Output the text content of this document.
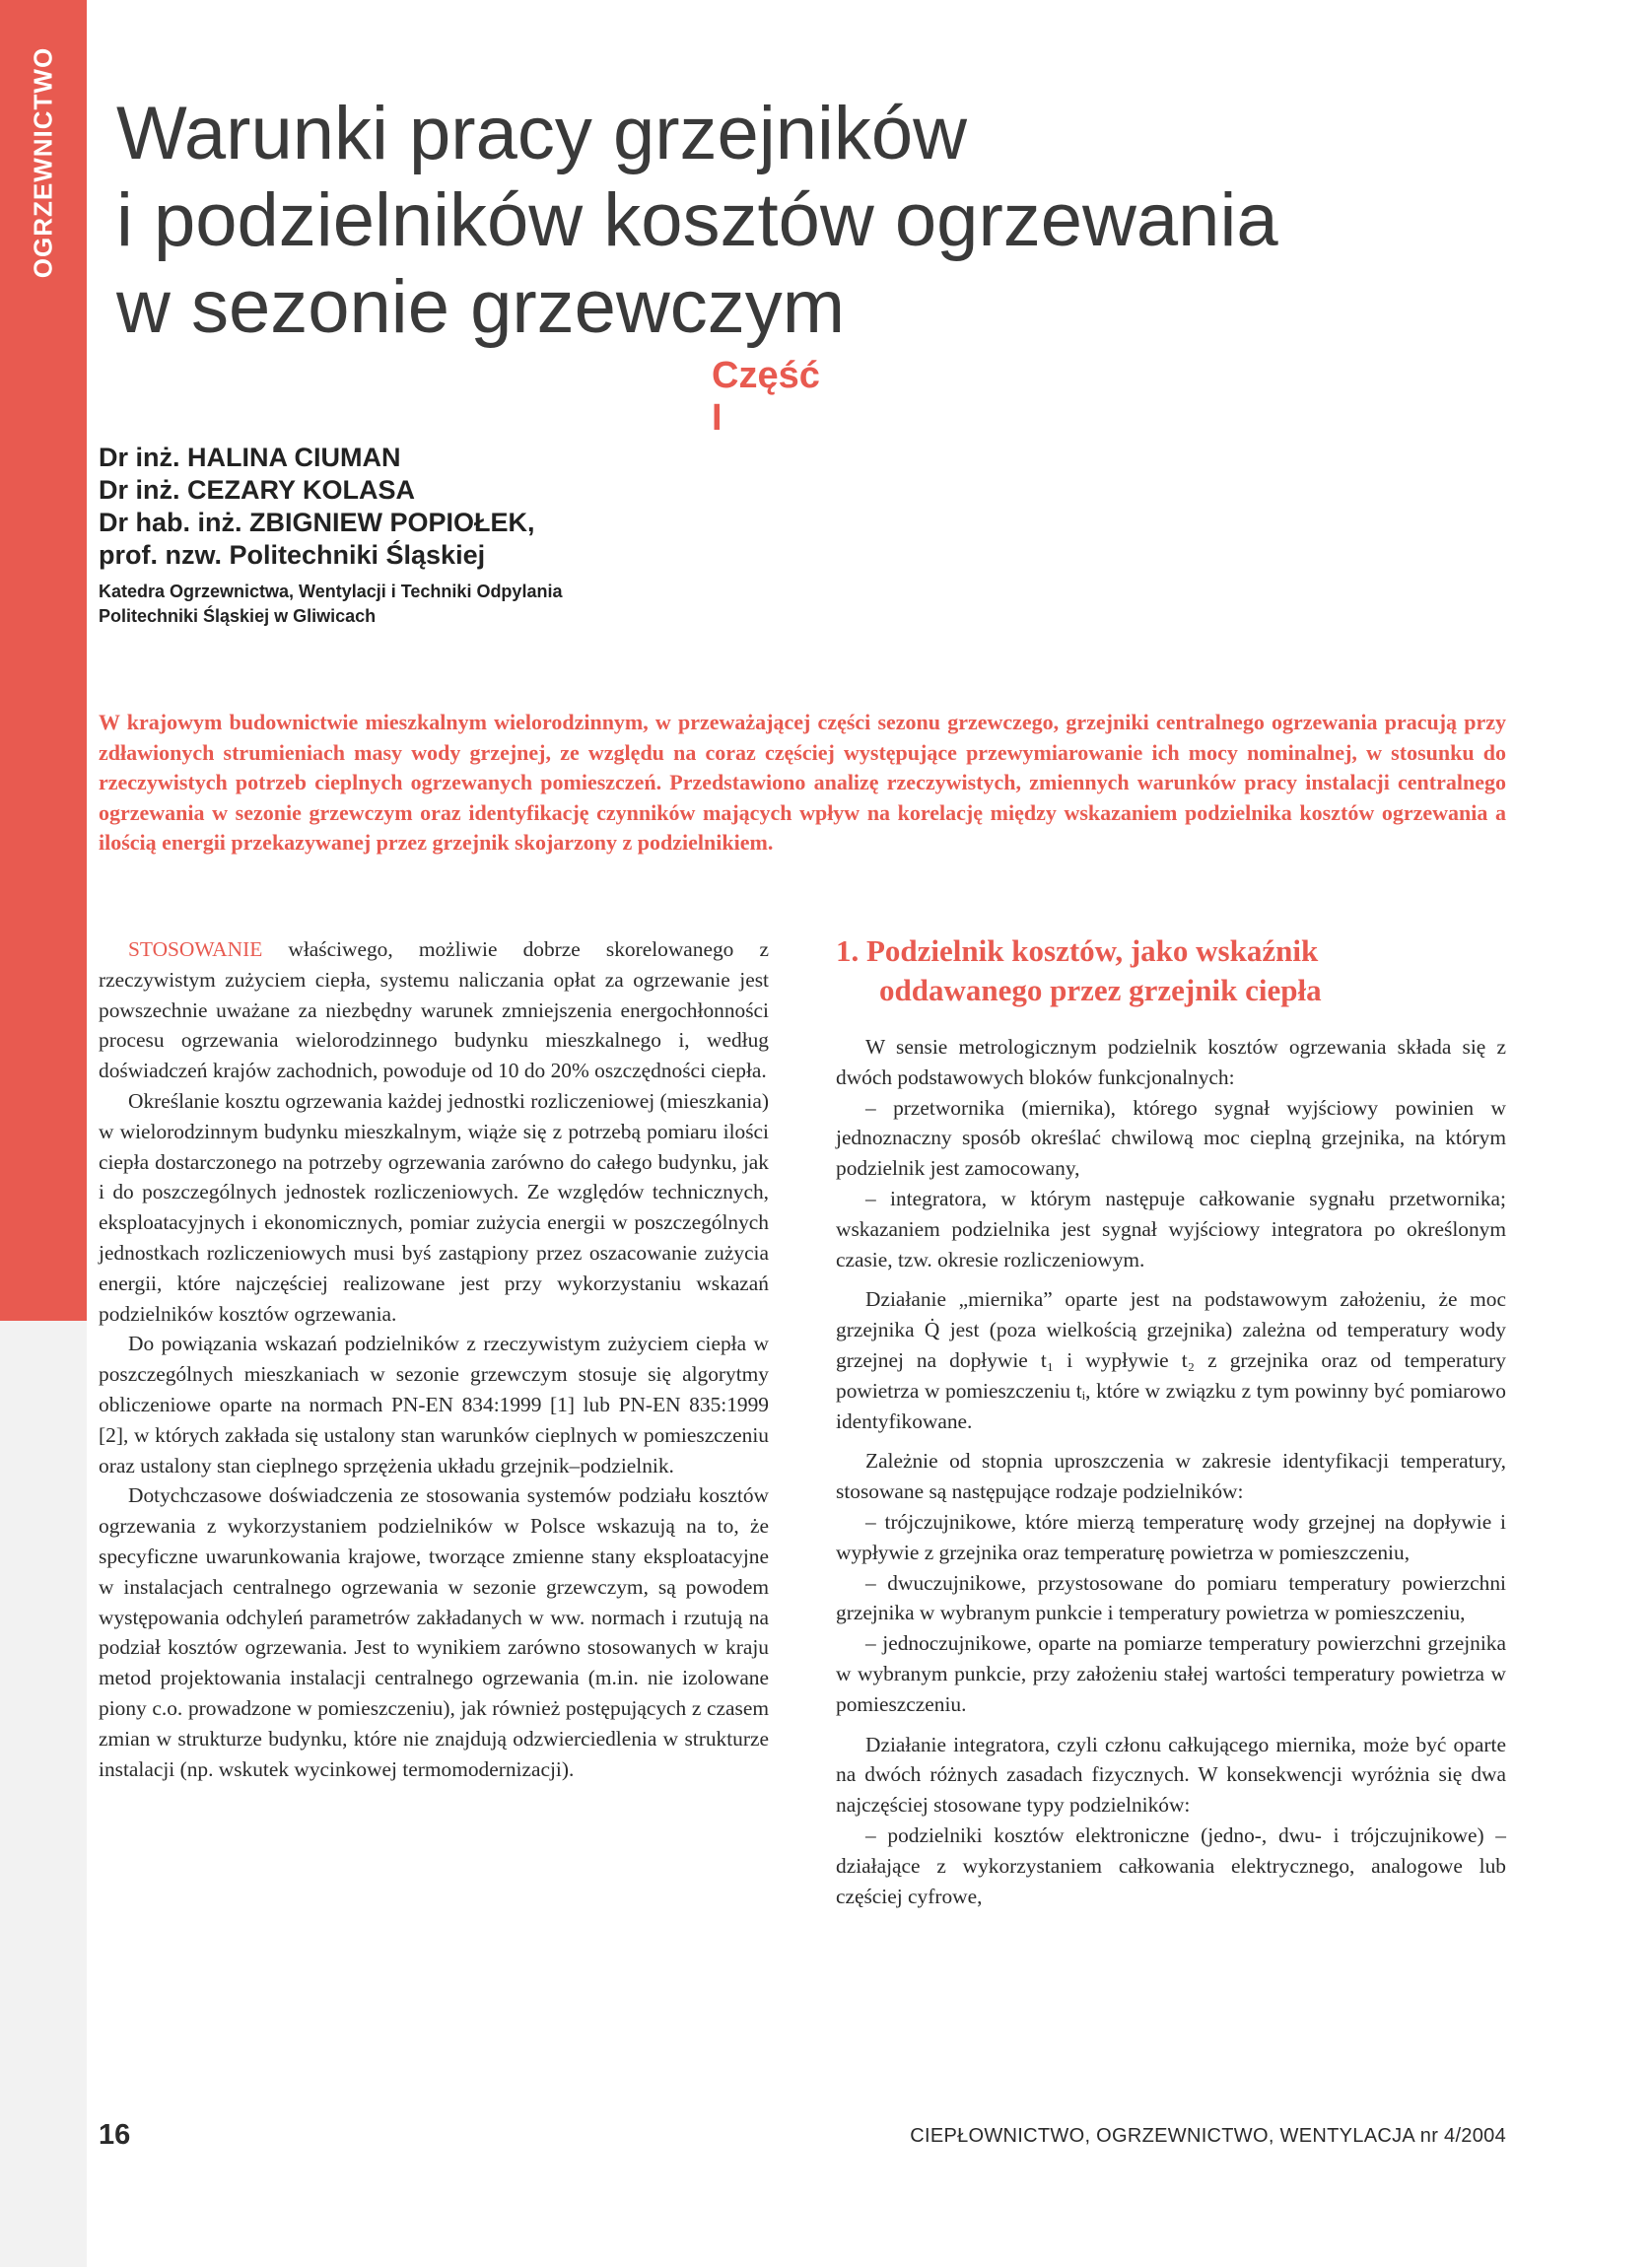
OGRZEWNICTWO Warunki pracy grzejników
i podzielników kosztów ogrzewania
w sezonie grzewczym
Część I
Dr inż. HALINA CIUMAN
Dr inż. CEZARY KOLASA
Dr hab. inż. ZBIGNIEW POPIOŁEK,
prof. nzw. Politechniki Śląskiej
Katedra Ogrzewnictwa, Wentylacji i Techniki Odpylania
Politechniki Śląskiej w Gliwicach

W krajowym budownictwie mieszkalnym wielorodzinnym, w przeważającej części sezonu grzewczego, grzejniki centralnego ogrzewania pracują przy zdławionych strumieniach masy wody grzejnej, ze względu na coraz częściej występujące przewymiarowanie ich mocy nominalnej, w stosunku do rzeczywistych potrzeb cieplnych ogrzewanych pomieszczeń. Przedstawiono analizę rzeczywistych, zmiennych warunków pracy instalacji centralnego ogrzewania w sezonie grzewczym oraz identyfikację czynników mających wpływ na korelację między wskazaniem podzielnika kosztów ogrzewania a ilością energii przekazywanej przez grzejnik skojarzony z podzielnikiem.

STOSOWANIE właściwego, możliwie dobrze skorelowanego z rzeczywistym zużyciem ciepła, systemu naliczania opłat za ogrzewanie jest powszechnie uważane za niezbędny warunek zmniejszenia energochłonności procesu ogrzewania wielorodzinnego budynku mieszkalnego i, według doświadczeń krajów zachodnich, powoduje od 10 do 20% oszczędności ciepła.

Określanie kosztu ogrzewania każdej jednostki rozliczeniowej (mieszkania) w wielorodzinnym budynku mieszkalnym, wiąże się z potrzebą pomiaru ilości ciepła dostarczonego na potrzeby ogrzewania zarówno do całego budynku, jak i do poszczególnych jednostek rozliczeniowych. Ze względów technicznych, eksploatacyjnych i ekonomicznych, pomiar zużycia energii w poszczególnych jednostkach rozliczeniowych musi byś zastąpiony przez oszacowanie zużycia energii, które najczęściej realizowane jest przy wykorzystaniu wskazań podzielników kosztów ogrzewania.

Do powiązania wskazań podzielników z rzeczywistym zużyciem ciepła w poszczególnych mieszkaniach w sezonie grzewczym stosuje się algorytmy obliczeniowe oparte na normach PN-EN 834:1999 [1] lub PN-EN 835:1999 [2], w których zakłada się ustalony stan warunków cieplnych w pomieszczeniu oraz ustalony stan cieplnego sprzężenia układu grzejnik–podzielnik.

Dotychczasowe doświadczenia ze stosowania systemów podziału kosztów ogrzewania z wykorzystaniem podzielników w Polsce wskazują na to, że specyficzne uwarunkowania krajowe, tworzące zmienne stany eksploatacyjne w instalacjach centralnego ogrzewania w sezonie grzewczym, są powodem występowania odchyleń parametrów zakładanych w ww. normach i rzutują na podział kosztów ogrzewania. Jest to wynikiem zarówno stosowanych w kraju metod projektowania instalacji centralnego ogrzewania (m.in. nie izolowane piony c.o. prowadzone w pomieszczeniu), jak również postępujących z czasem zmian w strukturze budynku, które nie znajdują odzwierciedlenia w strukturze instalacji (np. wskutek wycinkowej termomodernizacji).

1. Podzielnik kosztów, jako wskaźnik
oddawanego przez grzejnik ciepła

W sensie metrologicznym podzielnik kosztów ogrzewania składa się z dwóch podstawowych bloków funkcjonalnych:

– przetwornika (miernika), którego sygnał wyjściowy powinien w jednoznaczny sposób określać chwilową moc cieplną grzejnika, na którym podzielnik jest zamocowany,

– integratora, w którym następuje całkowanie sygnału przetwornika; wskazaniem podzielnika jest sygnał wyjściowy integratora po określonym czasie, tzw. okresie rozliczeniowym.

Działanie „miernika” oparte jest na podstawowym założeniu, że moc grzejnika Q̇ jest (poza wielkością grzejnika) zależna od temperatury wody grzejnej na dopływie t₁ i wypływie t₂ z grzejnika oraz od temperatury powietrza w pomieszczeniu tᵢ, które w związku z tym powinny być pomiarowo identyfikowane.

Zależnie od stopnia uproszczenia w zakresie identyfikacji temperatury, stosowane są następujące rodzaje podzielników:

– trójczujnikowe, które mierzą temperaturę wody grzejnej na dopływie i wypływie z grzejnika oraz temperaturę powietrza w pomieszczeniu,

– dwuczujnikowe, przystosowane do pomiaru temperatury powierzchni grzejnika w wybranym punkcie i temperatury powietrza w pomieszczeniu,

– jednoczujnikowe, oparte na pomiarze temperatury powierzchni grzejnika w wybranym punkcie, przy założeniu stałej wartości temperatury powietrza w pomieszczeniu.

Działanie integratora, czyli członu całkującego miernika, może być oparte na dwóch różnych zasadach fizycznych. W konsekwencji wyróżnia się dwa najczęściej stosowane typy podzielników:

– podzielniki kosztów elektroniczne (jedno-, dwu- i trójczujnikowe) – działające z wykorzystaniem całkowania elektrycznego, analogowe lub częściej cyfrowe,

16	CIEPŁOWNICTWO, OGRZEWNICTWO, WENTYLACJA nr 4/2004
